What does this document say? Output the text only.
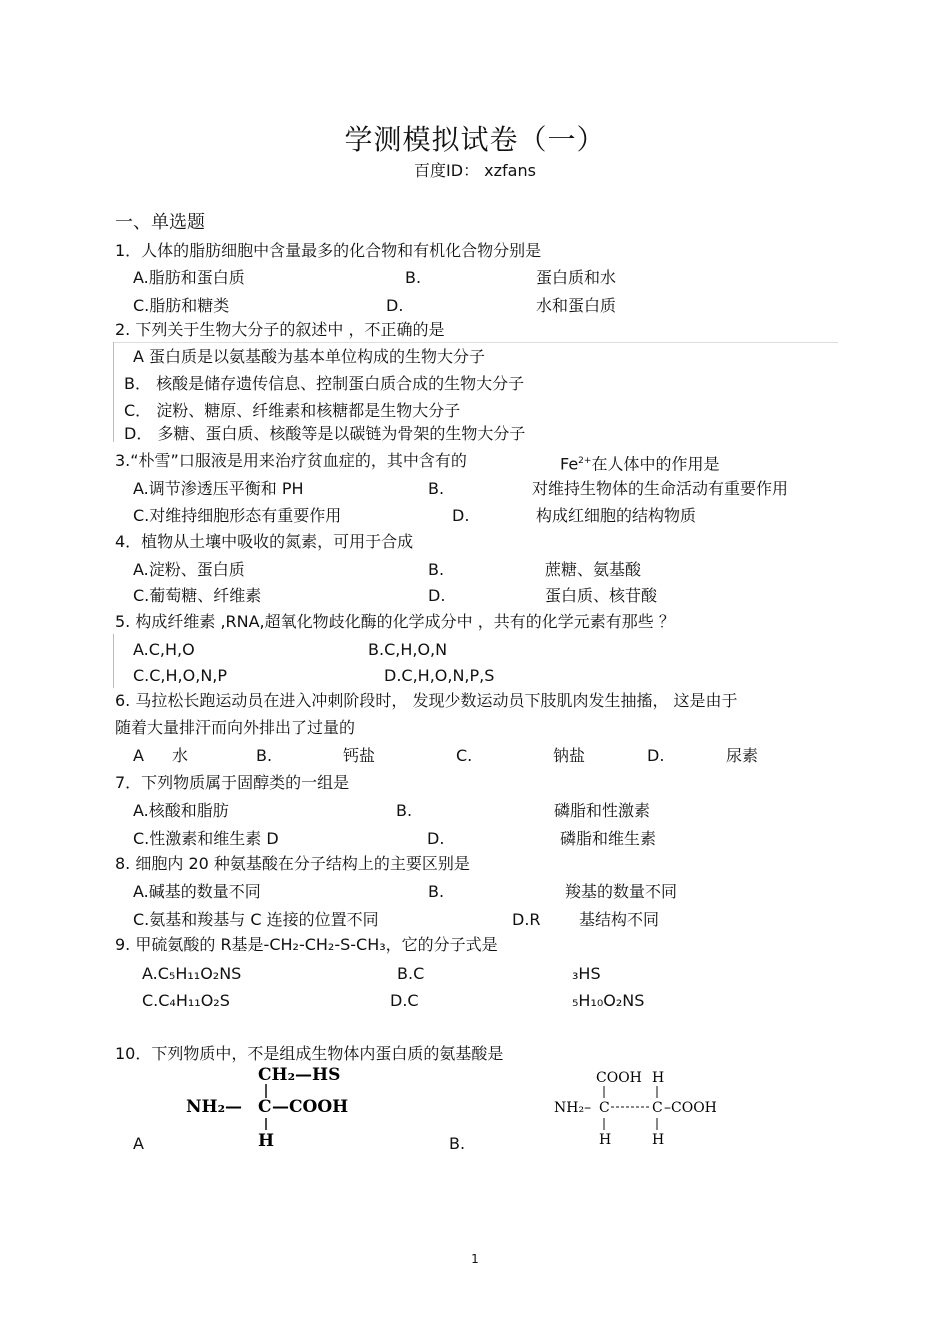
学测模拟试卷（一）
百度ID： xzfans
一、单选题
1．人体的脂肪细胞中含量最多的化合物和有机化合物分别是
A.脂肪和蛋白质	B.	蛋白质和水
C.脂肪和糖类	D.	水和蛋白质
2. 下列关于生物大分子的叙述中 ，不正确的是
A 蛋白质是以氨基酸为基本单位构成的生物大分子
B． 核酸是储存遗传信息、控制蛋白质合成的生物大分子
C． 淀粉、糖原、纤维素和核糖都是生物大分子
D． 多糖、蛋白质、核酸等是以碳链为骨架的生物大分子
3.“朴雪”口服液是用来治疗贫血症的，其中含有的	$Fe^{2+}$在人体中的作用是
A.调节渗透压平衡和 PH	B.	对维持生物体的生命活动有重要作用
C.对维持细胞形态有重要作用	D.	构成红细胞的结构物质
4．植物从土壤中吸收的氮素，可用于合成
A.淀粉、蛋白质	B.	蔗糖、氨基酸
C.葡萄糖、纤维素	D.	蛋白质、核苷酸
5. 构成纤维素 ,RNA,超氧化物歧化酶的化学成分中 ，共有的化学元素有那些 ？
A.C,H,O	B.C,H,O,N
C.C,H,O,N,P	D.C,H,O,N,P,S
6. 马拉松长跑运动员在进入冲刺阶段时， 发现少数运动员下肢肌肉发生抽搐， 这是由于
随着大量排汗而向外排出了过量的
A 水	B.	钙盐	C.	钠盐	D.	尿素
7．下列物质属于固醇类的一组是
A.核酸和脂肪	B.	磷脂和性激素
C.性激素和维生素 D	D.	磷脂和维生素
8. 细胞内 20 种氨基酸在分子结构上的主要区别是
A.碱基的数量不同	B.	羧基的数量不同
C.氨基和羧基与 C 连接的位置不同	D.R 基结构不同
9. 甲硫氨酸的 R基是-CH₂-CH₂-S-CH₃，它的分子式是
A.C₅H₁₁O₂NS	B.C	₃HS
C.C₄H₁₁O₂S	D.C	₅H₁₀O₂NS
10．下列物质中，不是组成生物体内蛋白质的氨基酸是
A	B.
CH₂—HS
NH₂— C —COOH
H
COOH H
NH₂– C	C –COOH
H	H
1
